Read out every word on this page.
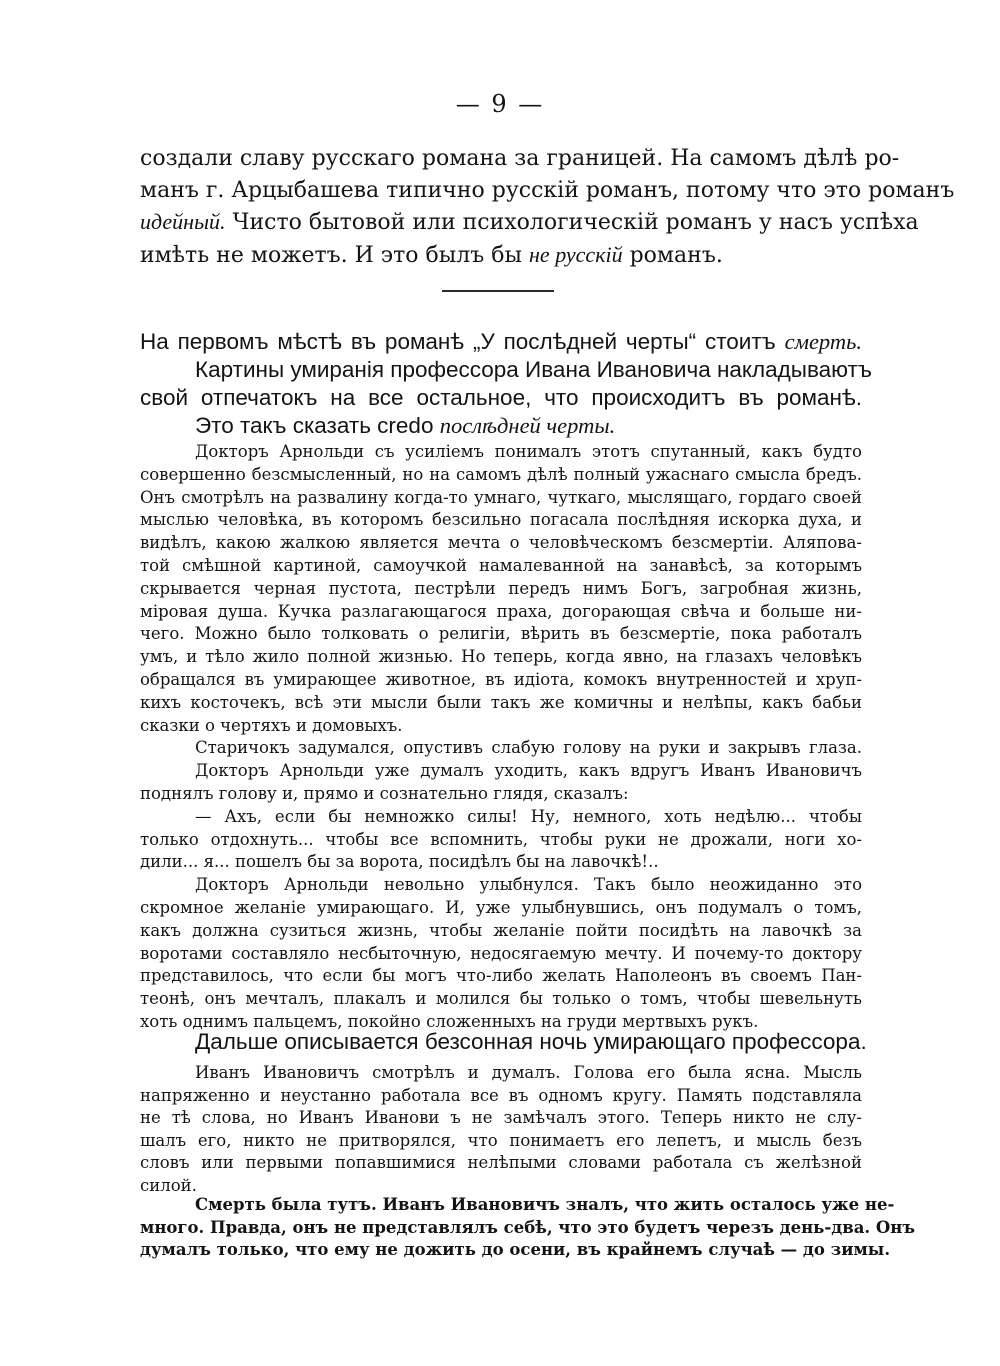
— 9 —
создали славу русскаго романа за границей. На самомъ дѣлѣ ро-
манъ г. Арцыбашева типично русскій романъ, потому что это романъ
идейный. Чисто бытовой или психологическій романъ у насъ успѣха
имѣть не можетъ. И это былъ бы не русскій романъ.
На первомъ мѣстѣ въ романѣ „У послѣдней черты“ стоитъ смерть.
Картины умиранія профессора Ивана Ивановича накладываютъ
свой отпечатокъ на все остальное, что происходитъ въ романѣ.
Это такъ сказать credo послѣдней черты.
Докторъ Арнольди съ усиліемъ понималъ этотъ спутанный, какъ будто
совершенно безсмысленный, но на самомъ дѣлѣ полный ужаснаго смысла бредъ.
Онъ смотрѣлъ на развалину когда-то умнаго, чуткаго, мыслящаго, гордаго своей
мыслью человѣка, въ которомъ безсильно погасала послѣдняя искорка духа, и
видѣлъ, какою жалкою является мечта о человѣческомъ безсмертіи. Аляпова-
той смѣшной картиной, самоучкой намалеванной на занавѣсѣ, за которымъ
скрывается черная пустота, пестрѣли передъ нимъ Богъ, загробная жизнь,
міровая душа. Кучка разлагающагося праха, догорающая свѣча и больше ни-
чего. Можно было толковать о религіи, вѣрить въ безсмертіе, пока работалъ
умъ, и тѣло жило полной жизнью. Но теперь, когда явно, на глазахъ человѣкъ
обращался въ умирающее животное, въ идіота, комокъ внутренностей и хруп-
кихъ косточекъ, всѣ эти мысли были такъ же комичны и нелѣпы, какъ бабьи
сказки о чертяхъ и домовыхъ.
Старичокъ задумался, опустивъ слабую голову на руки и закрывъ глаза.
Докторъ Арнольди уже думалъ уходить, какъ вдругъ Иванъ Ивановичъ
поднялъ голову и, прямо и сознательно глядя, сказалъ:
— Ахъ, если бы немножко силы! Ну, немного, хоть недѣлю... чтобы
только отдохнуть... чтобы все вспомнить, чтобы руки не дрожали, ноги хо-
дили... я... пошелъ бы за ворота, посидѣлъ бы на лавочкѣ!..
Докторъ Арнольди невольно улыбнулся. Такъ было неожиданно это
скромное желаніе умирающаго. И, уже улыбнувшись, онъ подумалъ о томъ,
какъ должна сузиться жизнь, чтобы желаніе пойти посидѣть на лавочкѣ за
воротами составляло несбыточную, недосягаемую мечту. И почему-то доктору
представилось, что если бы могъ что-либо желать Наполеонъ въ своемъ Пан-
теонѣ, онъ мечталъ, плакалъ и молился бы только о томъ, чтобы шевельнуть
хоть однимъ пальцемъ, покойно сложенныхъ на груди мертвыхъ рукъ.
Дальше описывается безсонная ночь умирающаго профессора.
Иванъ Ивановичъ смотрѣлъ и думалъ. Голова его была ясна. Мысль
напряженно и неустанно работала все въ одномъ кругу. Память подставляла
не тѣ слова, но Иванъ Иванови ъ не замѣчалъ этого. Теперь никто не слу-
шалъ его, никто не притворялся, что понимаетъ его лепетъ, и мысль безъ
словъ или первыми попавшимися нелѣпыми словами работала съ желѣзной
силой.
Смерть была тутъ. Иванъ Ивановичъ зналъ, что жить осталось уже не-
много. Правда, онъ не представлялъ себѣ, что это будетъ черезъ день-два. Онъ
думалъ только, что ему не дожить до осени, въ крайнемъ случаѣ — до зимы.
